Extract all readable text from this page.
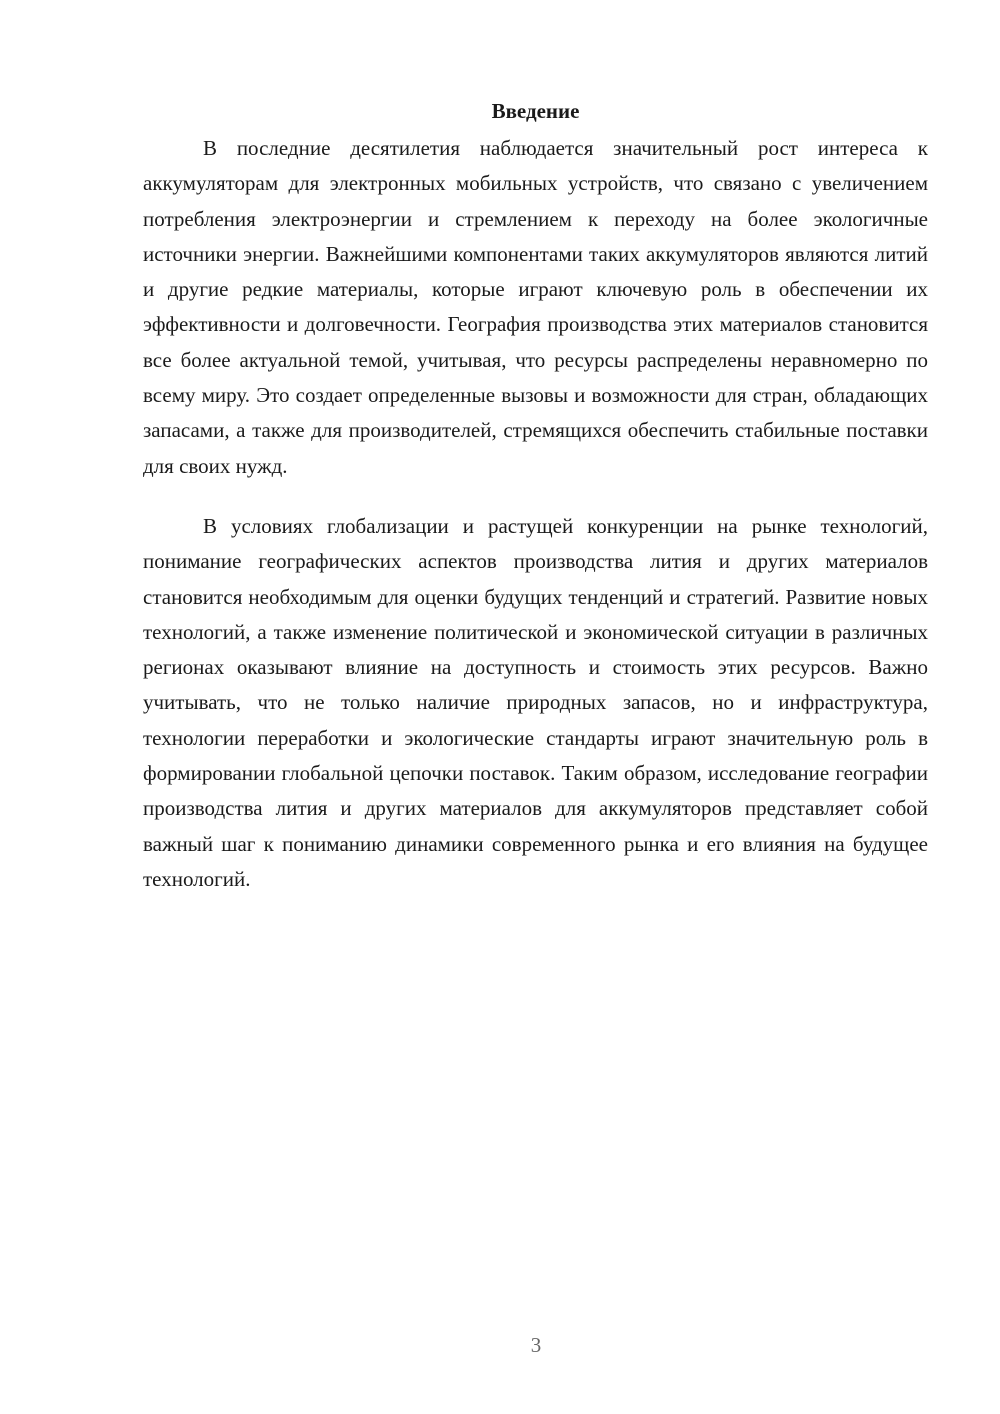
Введение

В последние десятилетия наблюдается значительный рост интереса к аккумуляторам для электронных мобильных устройств, что связано с увеличением потребления электроэнергии и стремлением к переходу на более экологичные источники энергии. Важнейшими компонентами таких аккумуляторов являются литий и другие редкие материалы, которые играют ключевую роль в обеспечении их эффективности и долговечности. География производства этих материалов становится все более актуальной темой, учитывая, что ресурсы распределены неравномерно по всему миру. Это создает определенные вызовы и возможности для стран, обладающих запасами, а также для производителей, стремящихся обеспечить стабильные поставки для своих нужд.

В условиях глобализации и растущей конкуренции на рынке технологий, понимание географических аспектов производства лития и других материалов становится необходимым для оценки будущих тенденций и стратегий. Развитие новых технологий, а также изменение политической и экономической ситуации в различных регионах оказывают влияние на доступность и стоимость этих ресурсов. Важно учитывать, что не только наличие природных запасов, но и инфраструктура, технологии переработки и экологические стандарты играют значительную роль в формировании глобальной цепочки поставок. Таким образом, исследование географии производства лития и других материалов для аккумуляторов представляет собой важный шаг к пониманию динамики современного рынка и его влияния на будущее технологий.

3
